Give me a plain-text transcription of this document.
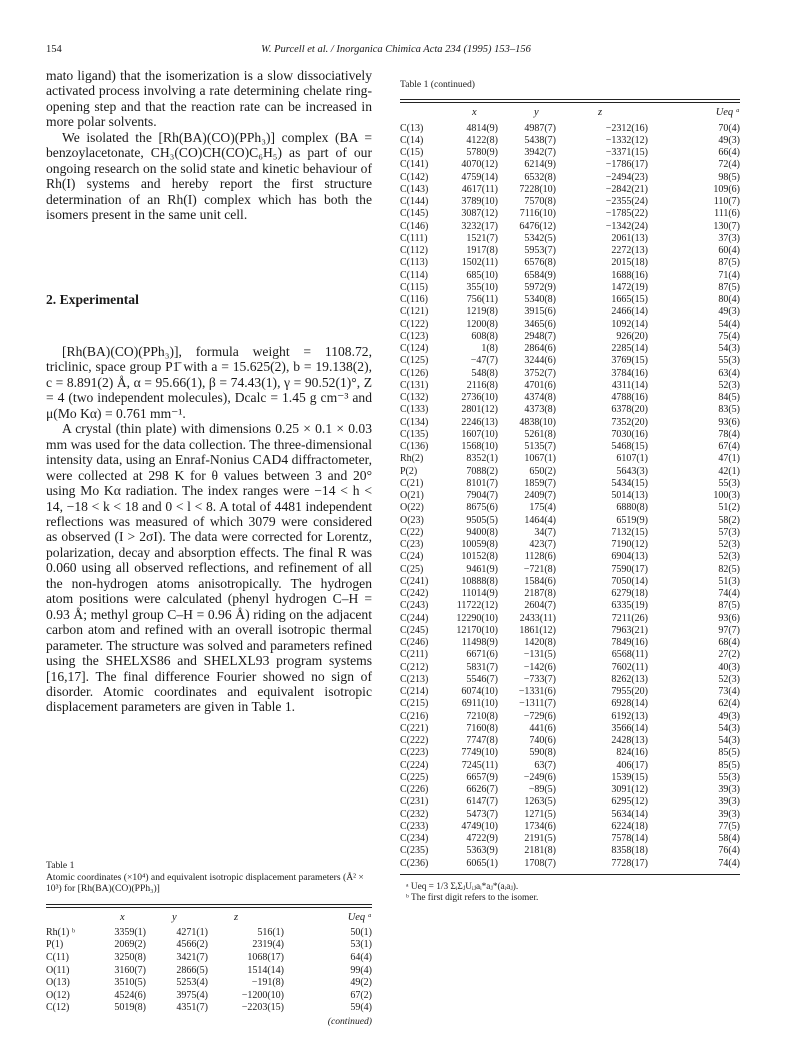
154	W. Purcell et al. / Inorganica Chimica Acta 234 (1995) 153–156

mato ligand) that the isomerization is a slow dissociatively activated process involving a rate determining chelate ring-opening step and that the reaction rate can be increased in more polar solvents.

We isolated the [Rh(BA)(CO)(PPh₃)] complex (BA = benzoylacetonate, CH₃(CO)CH(CO)C₆H₅) as part of our ongoing research on the solid state and kinetic behaviour of Rh(I) systems and hereby report the first structure determination of an Rh(I) complex which has both the isomers present in the same unit cell.

2. Experimental

[Rh(BA)(CO)(PPh₃)], formula weight = 1108.72, triclinic, space group P1̄ with a = 15.625(2), b = 19.138(2), c = 8.891(2) Å, α = 95.66(1), β = 74.43(1), γ = 90.52(1)°, Z = 4 (two independent molecules), Dcalc = 1.45 g cm⁻³ and μ(Mo Kα) = 0.761 mm⁻¹.

A crystal (thin plate) with dimensions 0.25 × 0.1 × 0.03 mm was used for the data collection. The three-dimensional intensity data, using an Enraf-Nonius CAD4 diffractometer, were collected at 298 K for θ values between 3 and 20° using Mo Kα radiation. The index ranges were −14 < h < 14, −18 < k < 18 and 0 < l < 8. A total of 4481 independent reflections was measured of which 3079 were considered as observed (I > 2σI). The data were corrected for Lorentz, polarization, decay and absorption effects. The final R was 0.060 using all observed reflections, and refinement of all the non-hydrogen atoms anisotropically. The hydrogen atom positions were calculated (phenyl hydrogen C–H = 0.93 Å; methyl group C–H = 0.96 Å) riding on the adjacent carbon atom and refined with an overall isotropic thermal parameter. The structure was solved and parameters refined using the SHELXS86 and SHELXL93 program systems [16,17]. The final difference Fourier showed no sign of disorder. Atomic coordinates and equivalent isotropic displacement parameters are given in Table 1.

Table 1
Atomic coordinates (×10⁴) and equivalent isotropic displacement parameters (Å² × 10³) for [Rh(BA)(CO)(PPh₃)]
	x	y	z	Ueq ᵃ
Rh(1) ᵇ	3359(1)	4271(1)	516(1)	50(1)
P(1)	2069(2)	4566(2)	2319(4)	53(1)
C(11)	3250(8)	3421(7)	1068(17)	64(4)
O(11)	3160(7)	2866(5)	1514(14)	99(4)
O(13)	3510(5)	5253(4)	−191(8)	49(2)
O(12)	4524(6)	3975(4)	−1200(10)	67(2)
C(12)	5019(8)	4351(7)	−2203(15)	59(4)
(continued)
Table 1 (continued)
	x	y	z	Ueq ᵃ
C(13)	4814(9)	4987(7)	−2312(16)	70(4)
C(14)	4122(8)	5438(7)	−1332(12)	49(3)
C(15)	5780(9)	3942(7)	−3371(15)	66(4)
C(141)	4070(12)	6214(9)	−1786(17)	72(4)
C(142)	4759(14)	6532(8)	−2494(23)	98(5)
C(143)	4617(11)	7228(10)	−2842(21)	109(6)
C(144)	3789(10)	7570(8)	−2355(24)	110(7)
C(145)	3087(12)	7116(10)	−1785(22)	111(6)
C(146)	3232(17)	6476(12)	−1342(24)	130(7)
C(111)	1521(7)	5342(5)	2061(13)	37(3)
C(112)	1917(8)	5953(7)	2272(13)	60(4)
C(113)	1502(11)	6576(8)	2015(18)	87(5)
C(114)	685(10)	6584(9)	1688(16)	71(4)
C(115)	355(10)	5972(9)	1472(19)	87(5)
C(116)	756(11)	5340(8)	1665(15)	80(4)
C(121)	1219(8)	3915(6)	2466(14)	49(3)
C(122)	1200(8)	3465(6)	1092(14)	54(4)
C(123)	608(8)	2948(7)	926(20)	75(4)
C(124)	1(8)	2864(6)	2285(14)	54(3)
C(125)	−47(7)	3244(6)	3769(15)	55(3)
C(126)	548(8)	3752(7)	3784(16)	63(4)
C(131)	2116(8)	4701(6)	4311(14)	52(3)
C(132)	2736(10)	4374(8)	4788(16)	84(5)
C(133)	2801(12)	4373(8)	6378(20)	83(5)
C(134)	2246(13)	4838(10)	7352(20)	93(6)
C(135)	1607(10)	5261(8)	7030(16)	78(4)
C(136)	1568(10)	5135(7)	5468(15)	67(4)
Rh(2)	8352(1)	1067(1)	6107(1)	47(1)
P(2)	7088(2)	650(2)	5643(3)	42(1)
C(21)	8101(7)	1859(7)	5434(15)	55(3)
O(21)	7904(7)	2409(7)	5014(13)	100(3)
O(22)	8675(6)	175(4)	6880(8)	51(2)
O(23)	9505(5)	1464(4)	6519(9)	58(2)
C(22)	9400(8)	34(7)	7132(15)	57(3)
C(23)	10059(8)	423(7)	7190(12)	52(3)
C(24)	10152(8)	1128(6)	6904(13)	52(3)
C(25)	9461(9)	−721(8)	7590(17)	82(5)
C(241)	10888(8)	1584(6)	7050(14)	51(3)
C(242)	11014(9)	2187(8)	6279(18)	74(4)
C(243)	11722(12)	2604(7)	6335(19)	87(5)
C(244)	12290(10)	2433(11)	7211(26)	93(6)
C(245)	12170(10)	1861(12)	7963(21)	97(7)
C(246)	11498(9)	1420(8)	7849(16)	68(4)
C(211)	6671(6)	−131(5)	6568(11)	27(2)
C(212)	5831(7)	−142(6)	7602(11)	40(3)
C(213)	5546(7)	−733(7)	8262(13)	52(3)
C(214)	6074(10)	−1331(6)	7955(20)	73(4)
C(215)	6911(10)	−1311(7)	6928(14)	62(4)
C(216)	7210(8)	−729(6)	6192(13)	49(3)
C(221)	7160(8)	441(6)	3566(14)	54(3)
C(222)	7747(8)	740(6)	2428(13)	54(3)
C(223)	7749(10)	590(8)	824(16)	85(5)
C(224)	7245(11)	63(7)	406(17)	85(5)
C(225)	6657(9)	−249(6)	1539(15)	55(3)
C(226)	6626(7)	−89(5)	3091(12)	39(3)
C(231)	6147(7)	1263(5)	6295(12)	39(3)
C(232)	5473(7)	1271(5)	5634(14)	39(3)
C(233)	4749(10)	1734(6)	6224(18)	77(5)
C(234)	4722(9)	2191(5)	7578(14)	58(4)
C(235)	5363(9)	2181(8)	8358(18)	76(4)
C(236)	6065(1)	1708(7)	7728(17)	74(4)
ᵃ Ueq = 1/3 ΣᵢΣⱼUᵢⱼaᵢ*aⱼ*(aᵢaⱼ).
ᵇ The first digit refers to the isomer.
